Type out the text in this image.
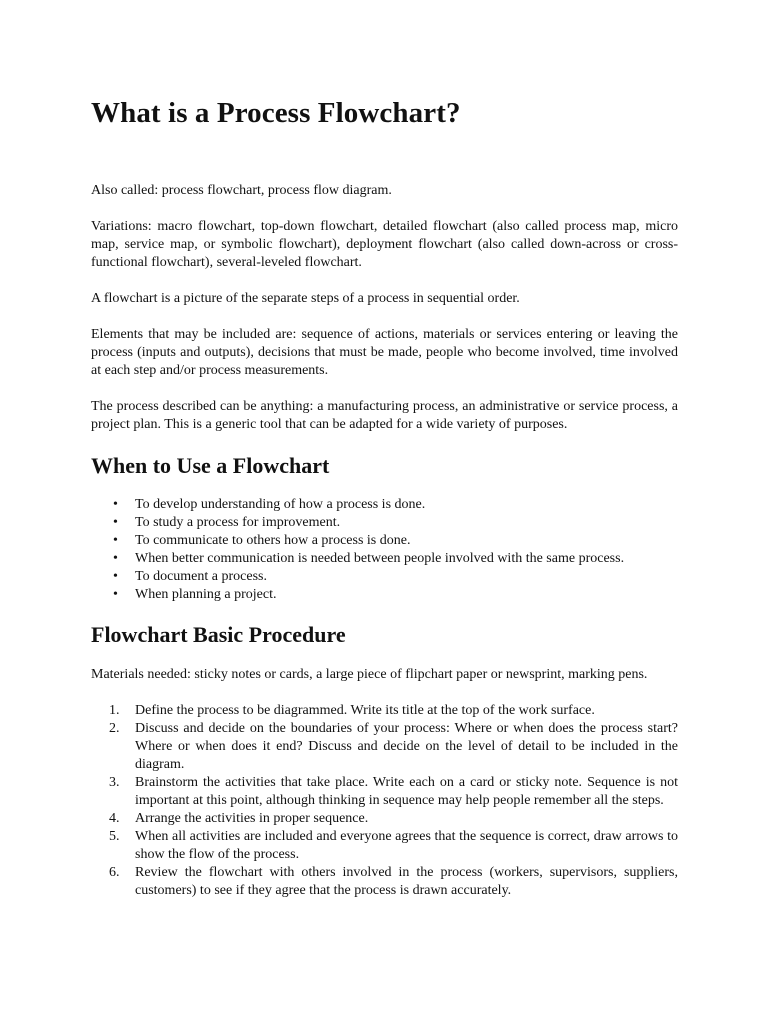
What is a Process Flowchart?

Also called: process flowchart, process flow diagram.

Variations: macro flowchart, top-down flowchart, detailed flowchart (also called process map, micro map, service map, or symbolic flowchart), deployment flowchart (also called down-across or cross-functional flowchart), several-leveled flowchart.

A flowchart is a picture of the separate steps of a process in sequential order.

Elements that may be included are: sequence of actions, materials or services entering or leaving the process (inputs and outputs), decisions that must be made, people who become involved, time involved at each step and/or process measurements.

The process described can be anything: a manufacturing process, an administrative or service process, a project plan. This is a generic tool that can be adapted for a wide variety of purposes.

When to Use a Flowchart
• To develop understanding of how a process is done.
• To study a process for improvement.
• To communicate to others how a process is done.
• When better communication is needed between people involved with the same process.
• To document a process.
• When planning a project.
Flowchart Basic Procedure

Materials needed: sticky notes or cards, a large piece of flipchart paper or newsprint, marking pens.

1. Define the process to be diagrammed. Write its title at the top of the work surface.
2. Discuss and decide on the boundaries of your process: Where or when does the process start? Where or when does it end? Discuss and decide on the level of detail to be included in the diagram.
3. Brainstorm the activities that take place. Write each on a card or sticky note. Sequence is not important at this point, although thinking in sequence may help people remember all the steps.
4. Arrange the activities in proper sequence.
5. When all activities are included and everyone agrees that the sequence is correct, draw arrows to show the flow of the process.
6. Review the flowchart with others involved in the process (workers, supervisors, suppliers, customers) to see if they agree that the process is drawn accurately.
